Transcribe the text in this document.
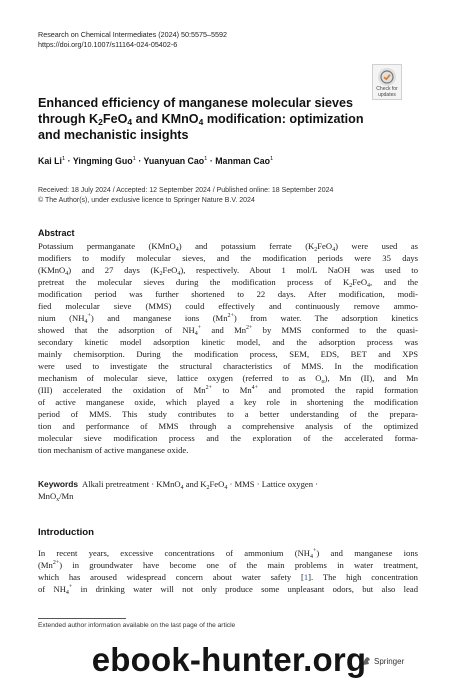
Research on Chemical Intermediates (2024) 50:5575–5592
https://doi.org/10.1007/s11164-024-05402-6
Check for
updates
Enhanced efficiency of manganese molecular sieves through $K_2FeO_4$ and KMnO$_4$ modification: optimization and mechanistic insights
Kai $Li^1$ · Yingming Guo$^1$ · Yuanyuan Cao$^1$ · Manman Cao$^1$
Received: 18 July 2024 / Accepted: 12 September 2024 / Published online: 18 September 2024
© The Author(s), under exclusive licence to Springer Nature B.V. 2024
Abstract
Potassium permanganate (KMnO$_4$) and potassium ferrate $(K_2FeO_4)$ were used as
modifiers to modify molecular sieves, and the modification periods were 35 days
(KMnO$_4$) and 27 days $(K_2FeO_4)$, respectively. About 1 mol/L NaOH was used to
pretreat the molecular sieves during the modification process of $K_2FeO_4$, and the
modification period was further shortened to 22 days. After modification, modi-
fied molecular sieve (MMS) could effectively and continuously remove ammo-
nium $(NH_4^+)$ and manganese ions $(Mn^{2+})$ from water. The adsorption kinetics
showed that the adsorption of $NH_4^+$ and $Mn^{2+}$ by MMS conformed to the quasi-
secondary kinetic model adsorption kinetic model, and the adsorption process was
mainly chemisorption. During the modification process, SEM, EDS, BET and XPS
were used to investigate the structural characteristics of MMS. In the modification
mechanism of molecular sieve, lattice oxygen (referred to as $O_\alpha$), Mn (II), and Mn
(III) accelerated the oxidation of $Mn^{2+}$ to $Mn^{4+}$ and promoted the rapid formation
of active manganese oxide, which played a key role in shortening the modification
period of MMS. This study contributes to a better understanding of the prepara-
tion and performance of MMS through a comprehensive analysis of the optimized
molecular sieve modification process and the exploration of the accelerated forma-
tion mechanism of active manganese oxide.
Keywords Alkali pretreatment · KMnO$_4$ and $K_2FeO_4$ · MMS · Lattice oxygen ·
MnO$_x$/Mn
Introduction
In recent years, excessive concentrations of ammonium $(NH_4^+)$ and manganese ions
$(Mn^{2+})$ in groundwater have become one of the main problems in water treatment,
which has aroused widespread concern about water safety [1]. The high concentration
of $NH_4^+$ in drinking water will not only produce some unpleasant odors, but also lead
Extended author information available on the last page of the article
Springer
ebook-hunter.org
